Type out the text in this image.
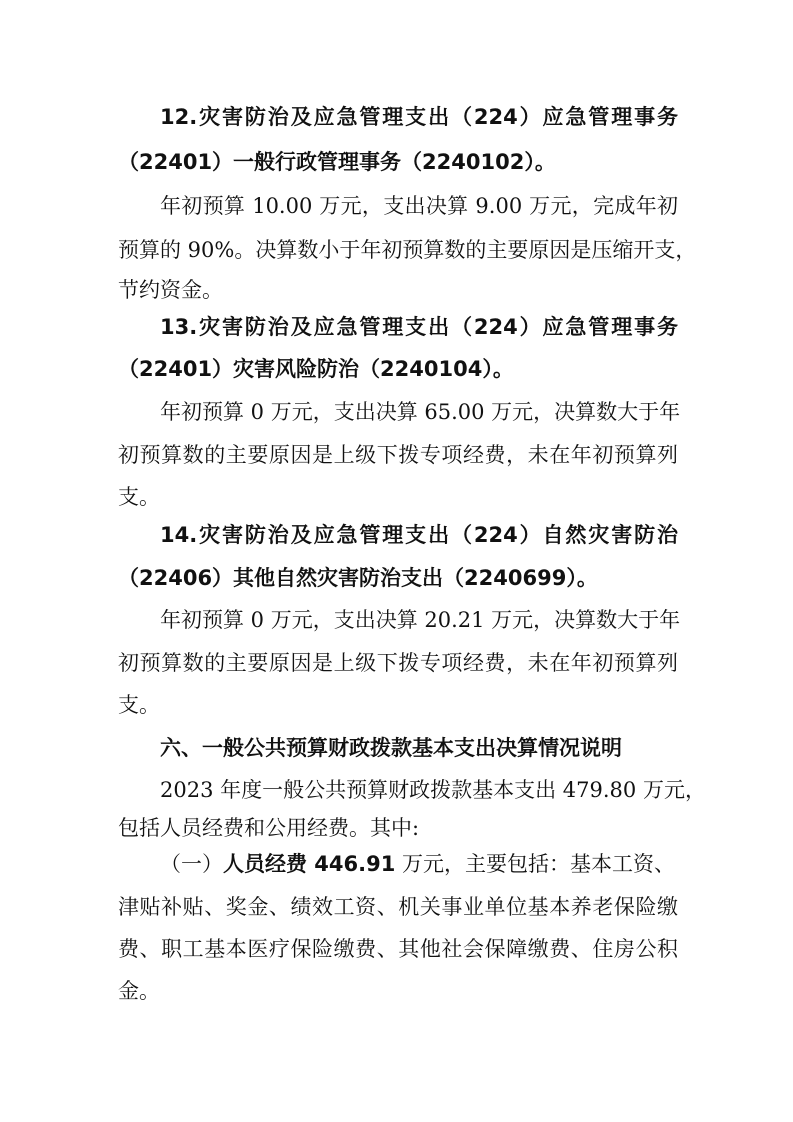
12.灾害防治及应急管理支出（224）应急管理事务
（22401）一般行政管理事务（2240102）。
年初预算 10.00 万元，支出决算 9.00 万元，完成年初
预算的 90%。决算数小于年初预算数的主要原因是压缩开支，
节约资金。
13.灾害防治及应急管理支出（224）应急管理事务
（22401）灾害风险防治（2240104）。
年初预算 0 万元，支出决算 65.00 万元，决算数大于年
初预算数的主要原因是上级下拨专项经费，未在年初预算列
支。
14.灾害防治及应急管理支出（224）自然灾害防治
（22406）其他自然灾害防治支出（2240699）。
年初预算 0 万元，支出决算 20.21 万元，决算数大于年
初预算数的主要原因是上级下拨专项经费，未在年初预算列
支。
六、一般公共预算财政拨款基本支出决算情况说明
2023 年度一般公共预算财政拨款基本支出 479.80 万元，
包括人员经费和公用经费。其中:
（一）人员经费 446.91 万元，主要包括：基本工资、
津贴补贴、奖金、绩效工资、机关事业单位基本养老保险缴
费、职工基本医疗保险缴费、其他社会保障缴费、住房公积
金。
